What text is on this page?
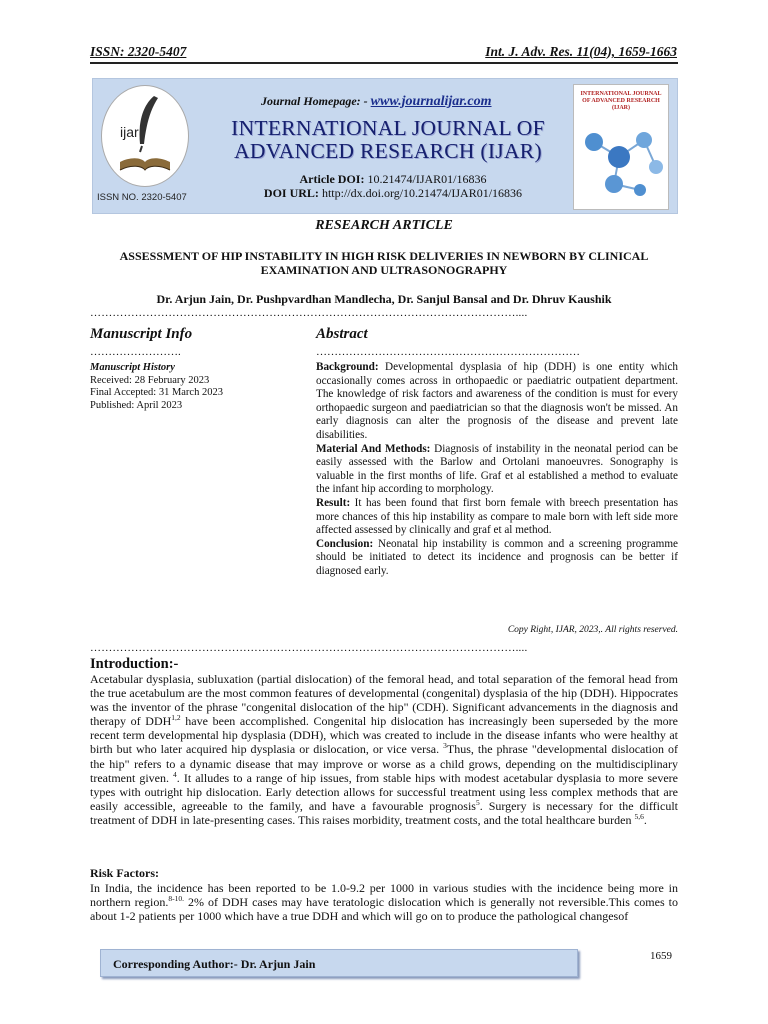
ISSN: 2320-5407	Int. J. Adv. Res. 11(04), 1659-1663
ijar
ISSN NO. 2320-5407
Journal Homepage: - www.journalijar.com
INTERNATIONAL JOURNAL OF
ADVANCED RESEARCH (IJAR)
Article DOI: 10.21474/IJAR01/16836
DOI URL: http://dx.doi.org/10.21474/IJAR01/16836
INTERNATIONAL JOURNAL OF ADVANCED RESEARCH (IJAR)
RESEARCH ARTICLE
ASSESSMENT OF HIP INSTABILITY IN HIGH RISK DELIVERIES IN NEWBORN BY CLINICAL EXAMINATION AND ULTRASONOGRAPHY
Dr. Arjun Jain, Dr. Pushpvardhan Mandlecha, Dr. Sanjul Bansal and Dr. Dhruv Kaushik
……………………………………………………………………………………………………....
Manuscript Info
…………………….
Manuscript History
Received: 28 February 2023
Final Accepted: 31 March 2023
Published: April 2023
Abstract
………………………………………………………………

Background: Developmental dysplasia of hip (DDH) is one entity which occasionally comes across in orthopaedic or paediatric outpatient department. The knowledge of risk factors and awareness of the condition is must for every orthopaedic surgeon and paediatrician so that the diagnosis won't be missed. An early diagnosis can alter the prognosis of the disease and prevent late disabilities.

Material And Methods: Diagnosis of instability in the neonatal period can be easily assessed with the Barlow and Ortolani manoeuvres. Sonography is valuable in the first months of life. Graf et al established a method to evaluate the infant hip according to morphology.

Result: It has been found that first born female with breech presentation has more chances of this hip instability as compare to male born with left side more affected assessed by clinically and graf et al method.

Conclusion: Neonatal hip instability is common and a screening programme should be initiated to detect its incidence and prognosis can be better if diagnosed early.

Copy Right, IJAR, 2023,. All rights reserved.
……………………………………………………………………………………………………....
Introduction:-

Acetabular dysplasia, subluxation (partial dislocation) of the femoral head, and total separation of the femoral head from the true acetabulum are the most common features of developmental (congenital) dysplasia of the hip (DDH). Hippocrates was the inventor of the phrase "congenital dislocation of the hip" (CDH). Significant advancements in the diagnosis and therapy of DDH$^{1,2}$ have been accomplished. Congenital hip dislocation has increasingly been superseded by the more recent term developmental hip dysplasia (DDH), which was created to include in the disease infants who were healthy at birth but who later acquired hip dysplasia or dislocation, or vice versa. $^3$Thus, the phrase "developmental dislocation of the hip" refers to a dynamic disease that may improve or worse as a child grows, depending on the multidisciplinary treatment given. $^4$. It alludes to a range of hip issues, from stable hips with modest acetabular dysplasia to more severe types with outright hip dislocation. Early detection allows for successful treatment using less complex methods that are easily accessible, agreeable to the family, and have a favourable prognosis$^5$. Surgery is necessary for the difficult treatment of DDH in late-presenting cases. This raises morbidity, treatment costs, and the total healthcare burden $^{5,6}$.

Risk Factors:

In India, the incidence has been reported to be 1.0-9.2 per 1000 in various studies with the incidence being more in northern region.$^{8-10.}$ 2% of DDH cases may have teratologic dislocation which is generally not reversible.This comes to about 1-2 patients per 1000 which have a true DDH and which will go on to produce the pathological changesof

Corresponding Author:- Dr. Arjun Jain
1659
